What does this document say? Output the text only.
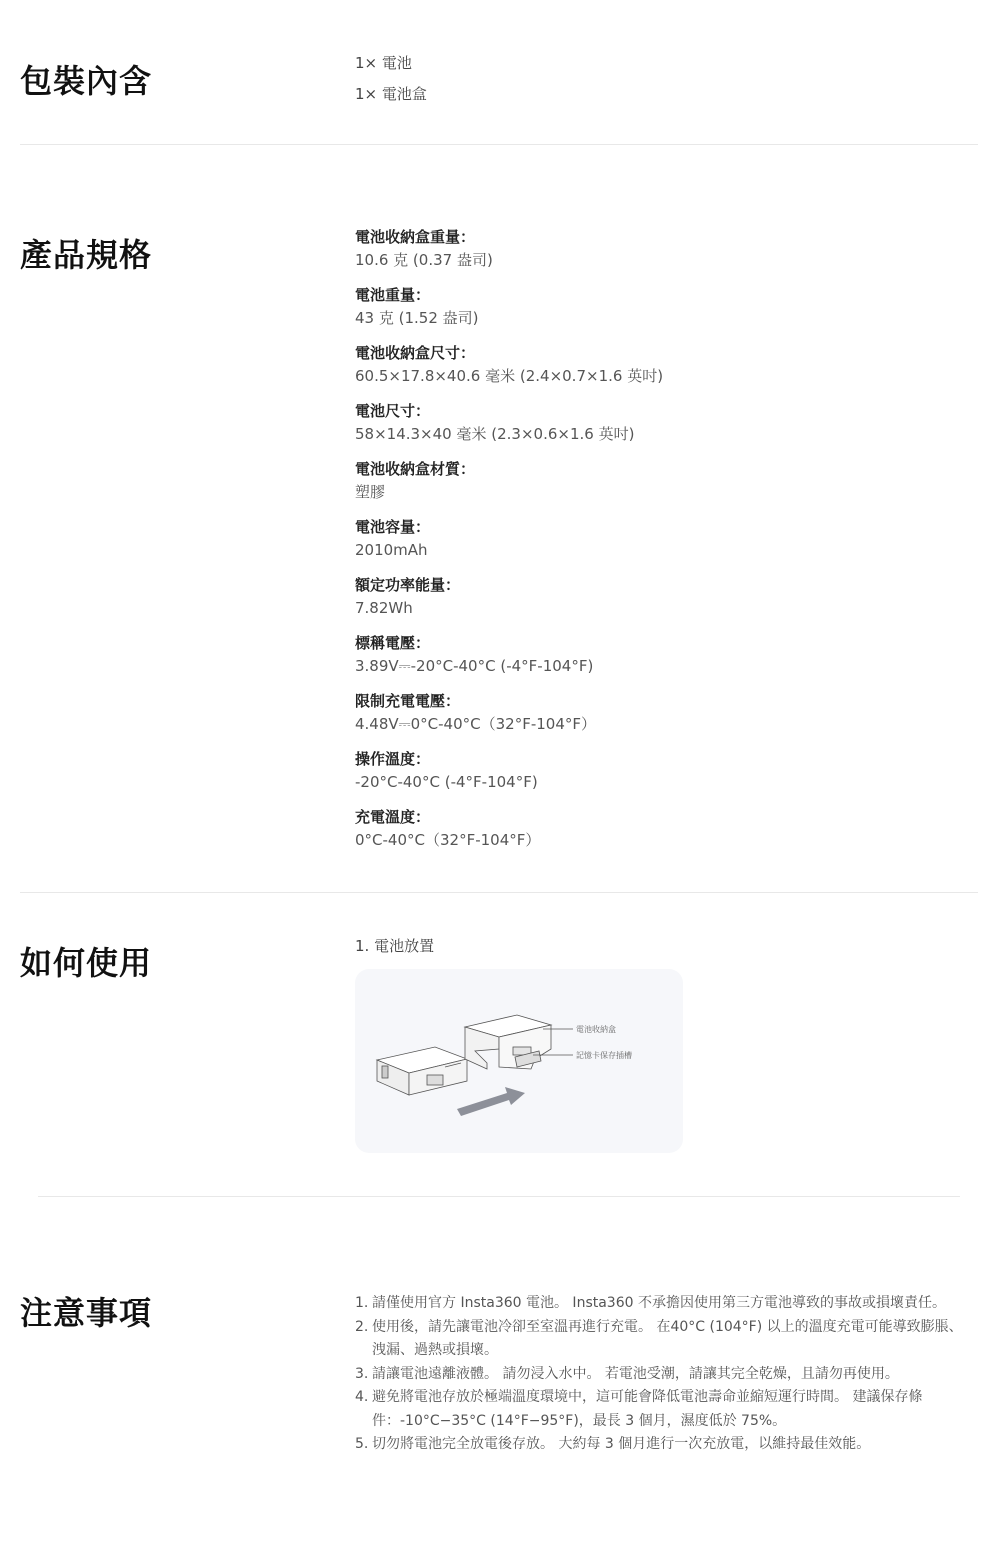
包裝內含	1× 電池
1× 電池盒
產品規格	電池收納盒重量：
10.6 克 (0.37 盎司)
電池重量：
43 克 (1.52 盎司)
電池收納盒尺寸：
60.5×17.8×40.6 毫米 (2.4×0.7×1.6 英吋)
電池尺寸：
58×14.3×40 毫米 (2.3×0.6×1.6 英吋)
電池收納盒材質：
塑膠
電池容量：
2010mAh
額定功率能量：
7.82Wh
標稱電壓：
3.89V⎓-20°C-40°C (-4°F-104°F)
限制充電電壓：
4.48V⎓0°C-40°C（32°F-104°F）
操作溫度：
-20°C-40°C (-4°F-104°F)
充電溫度：
0°C-40°C（32°F-104°F）
如何使用	1. 電池放置
電池收納盒
記憶卡保存插槽
注意事項	1. 請僅使用官方 Insta360 電池。 Insta360 不承擔因使用第三方電池導致的事故或損壞責任。
2. 使用後，請先讓電池冷卻至室溫再進行充電。 在40°C (104°F) 以上的溫度充電可能導致膨脹、洩漏、過熱或損壞。
3. 請讓電池遠離液體。 請勿浸入水中。 若電池受潮，請讓其完全乾燥，且請勿再使用。
4. 避免將電池存放於極端溫度環境中，這可能會降低電池壽命並縮短運行時間。 建議保存條件：-10°C−35°C (14°F−95°F)，最長 3 個月，濕度低於 75%。
5. 切勿將電池完全放電後存放。 大約每 3 個月進行一次充放電，以維持最佳效能。
